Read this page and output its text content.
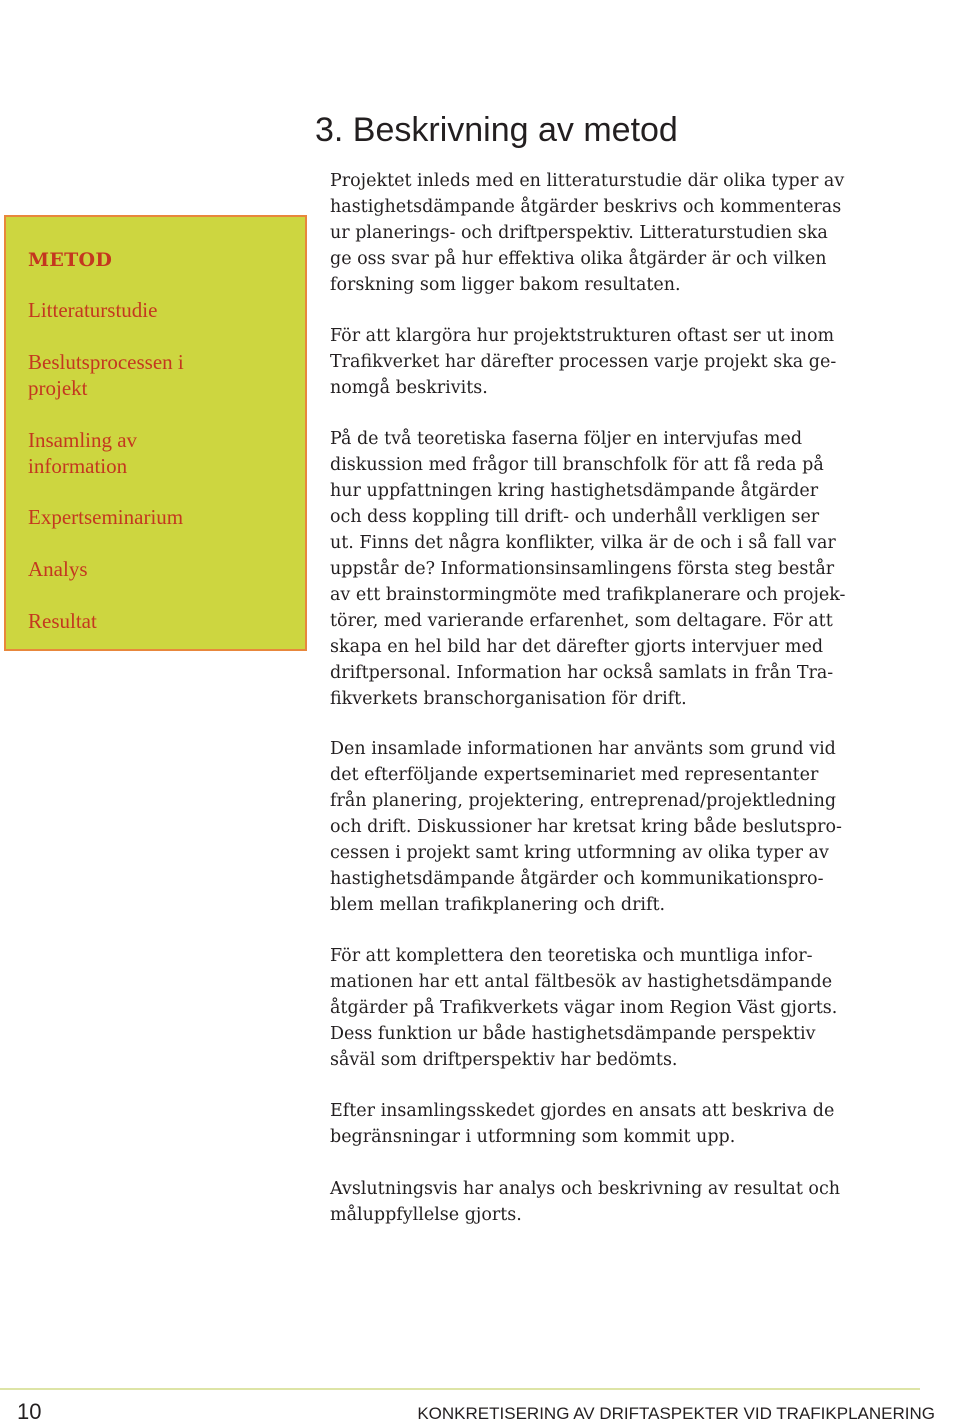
METOD
Litteraturstudie
Beslutsprocessen i projekt
Insamling av information
Expertseminarium
Analys
Resultat
3. Beskrivning av metod
Projektet inleds med en litteraturstudie där olika typer av
hastighetsdämpande åtgärder beskrivs och kommenteras
ur planerings- och driftperspektiv. Litteraturstudien ska
ge oss svar på hur effektiva olika åtgärder är och vilken
forskning som ligger bakom resultaten.
För att klargöra hur projektstrukturen oftast ser ut inom
Trafikverket har därefter processen varje projekt ska ge-
nomgå beskrivits.
På de två teoretiska faserna följer en intervjufas med
diskussion med frågor till branschfolk för att få reda på
hur uppfattningen kring hastighetsdämpande åtgärder
och dess koppling till drift- och underhåll verkligen ser
ut. Finns det några konflikter, vilka är de och i så fall var
uppstår de? Informationsinsamlingens första steg består
av ett brainstormingmöte med trafikplanerare och projek-
törer, med varierande erfarenhet, som deltagare. För att
skapa en hel bild har det därefter gjorts intervjuer med
driftpersonal. Information har också samlats in från Tra-
fikverkets branschorganisation för drift.
Den insamlade informationen har använts som grund vid
det efterföljande expertseminariet med representanter
från planering, projektering, entreprenad/projektledning
och drift. Diskussioner har kretsat kring både beslutspro-
cessen i projekt samt kring utformning av olika typer av
hastighetsdämpande åtgärder och kommunikationspro-
blem mellan trafikplanering och drift.
För att komplettera den teoretiska och muntliga infor-
mationen har ett antal fältbesök av hastighetsdämpande
åtgärder på Trafikverkets vägar inom Region Väst gjorts.
Dess funktion ur både hastighetsdämpande perspektiv
såväl som driftperspektiv har bedömts.
Efter insamlingsskedet gjordes en ansats att beskriva de
begränsningar i utformning som kommit upp.
Avslutningsvis har analys och beskrivning av resultat och
måluppfyllelse gjorts.
10	KONKRETISERING AV DRIFTASPEKTER VID TRAFIKPLANERING
